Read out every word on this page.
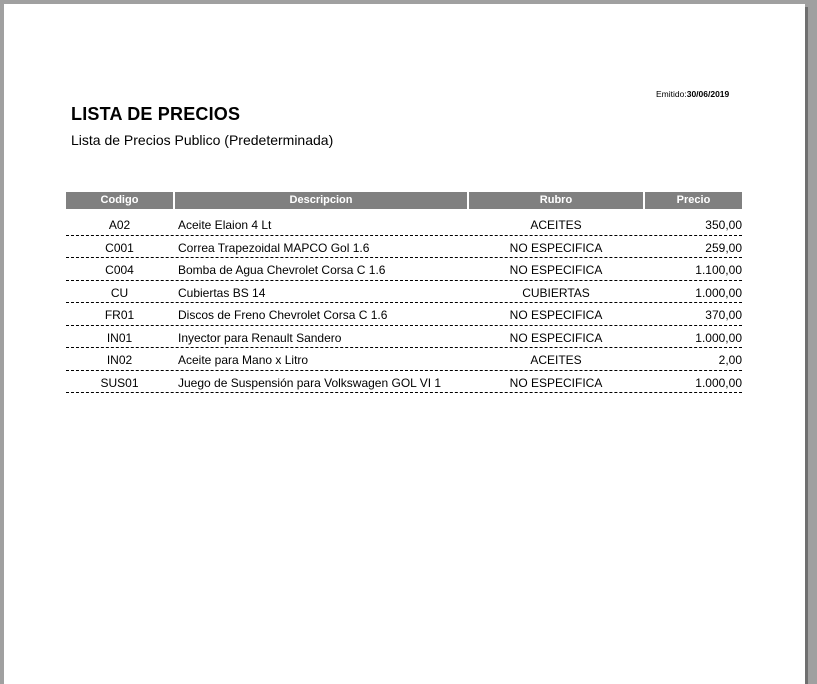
Emitido:30/06/2019
LISTA DE PRECIOS
Lista de Precios Publico (Predeterminada)
Codigo	Descripcion	Rubro	Precio
A02	Aceite Elaion 4 Lt	ACEITES	350,00
C001	Correa Trapezoidal MAPCO Gol 1.6	NO ESPECIFICA	259,00
C004	Bomba de Agua Chevrolet Corsa C 1.6	NO ESPECIFICA	1.100,00
CU	Cubiertas BS 14	CUBIERTAS	1.000,00
FR01	Discos de Freno Chevrolet Corsa C 1.6	NO ESPECIFICA	370,00
IN01	Inyector para Renault Sandero	NO ESPECIFICA	1.000,00
IN02	Aceite para Mano x Litro	ACEITES	2,00
SUS01	Juego de Suspensión para Volkswagen GOL VI 1	NO ESPECIFICA	1.000,00
